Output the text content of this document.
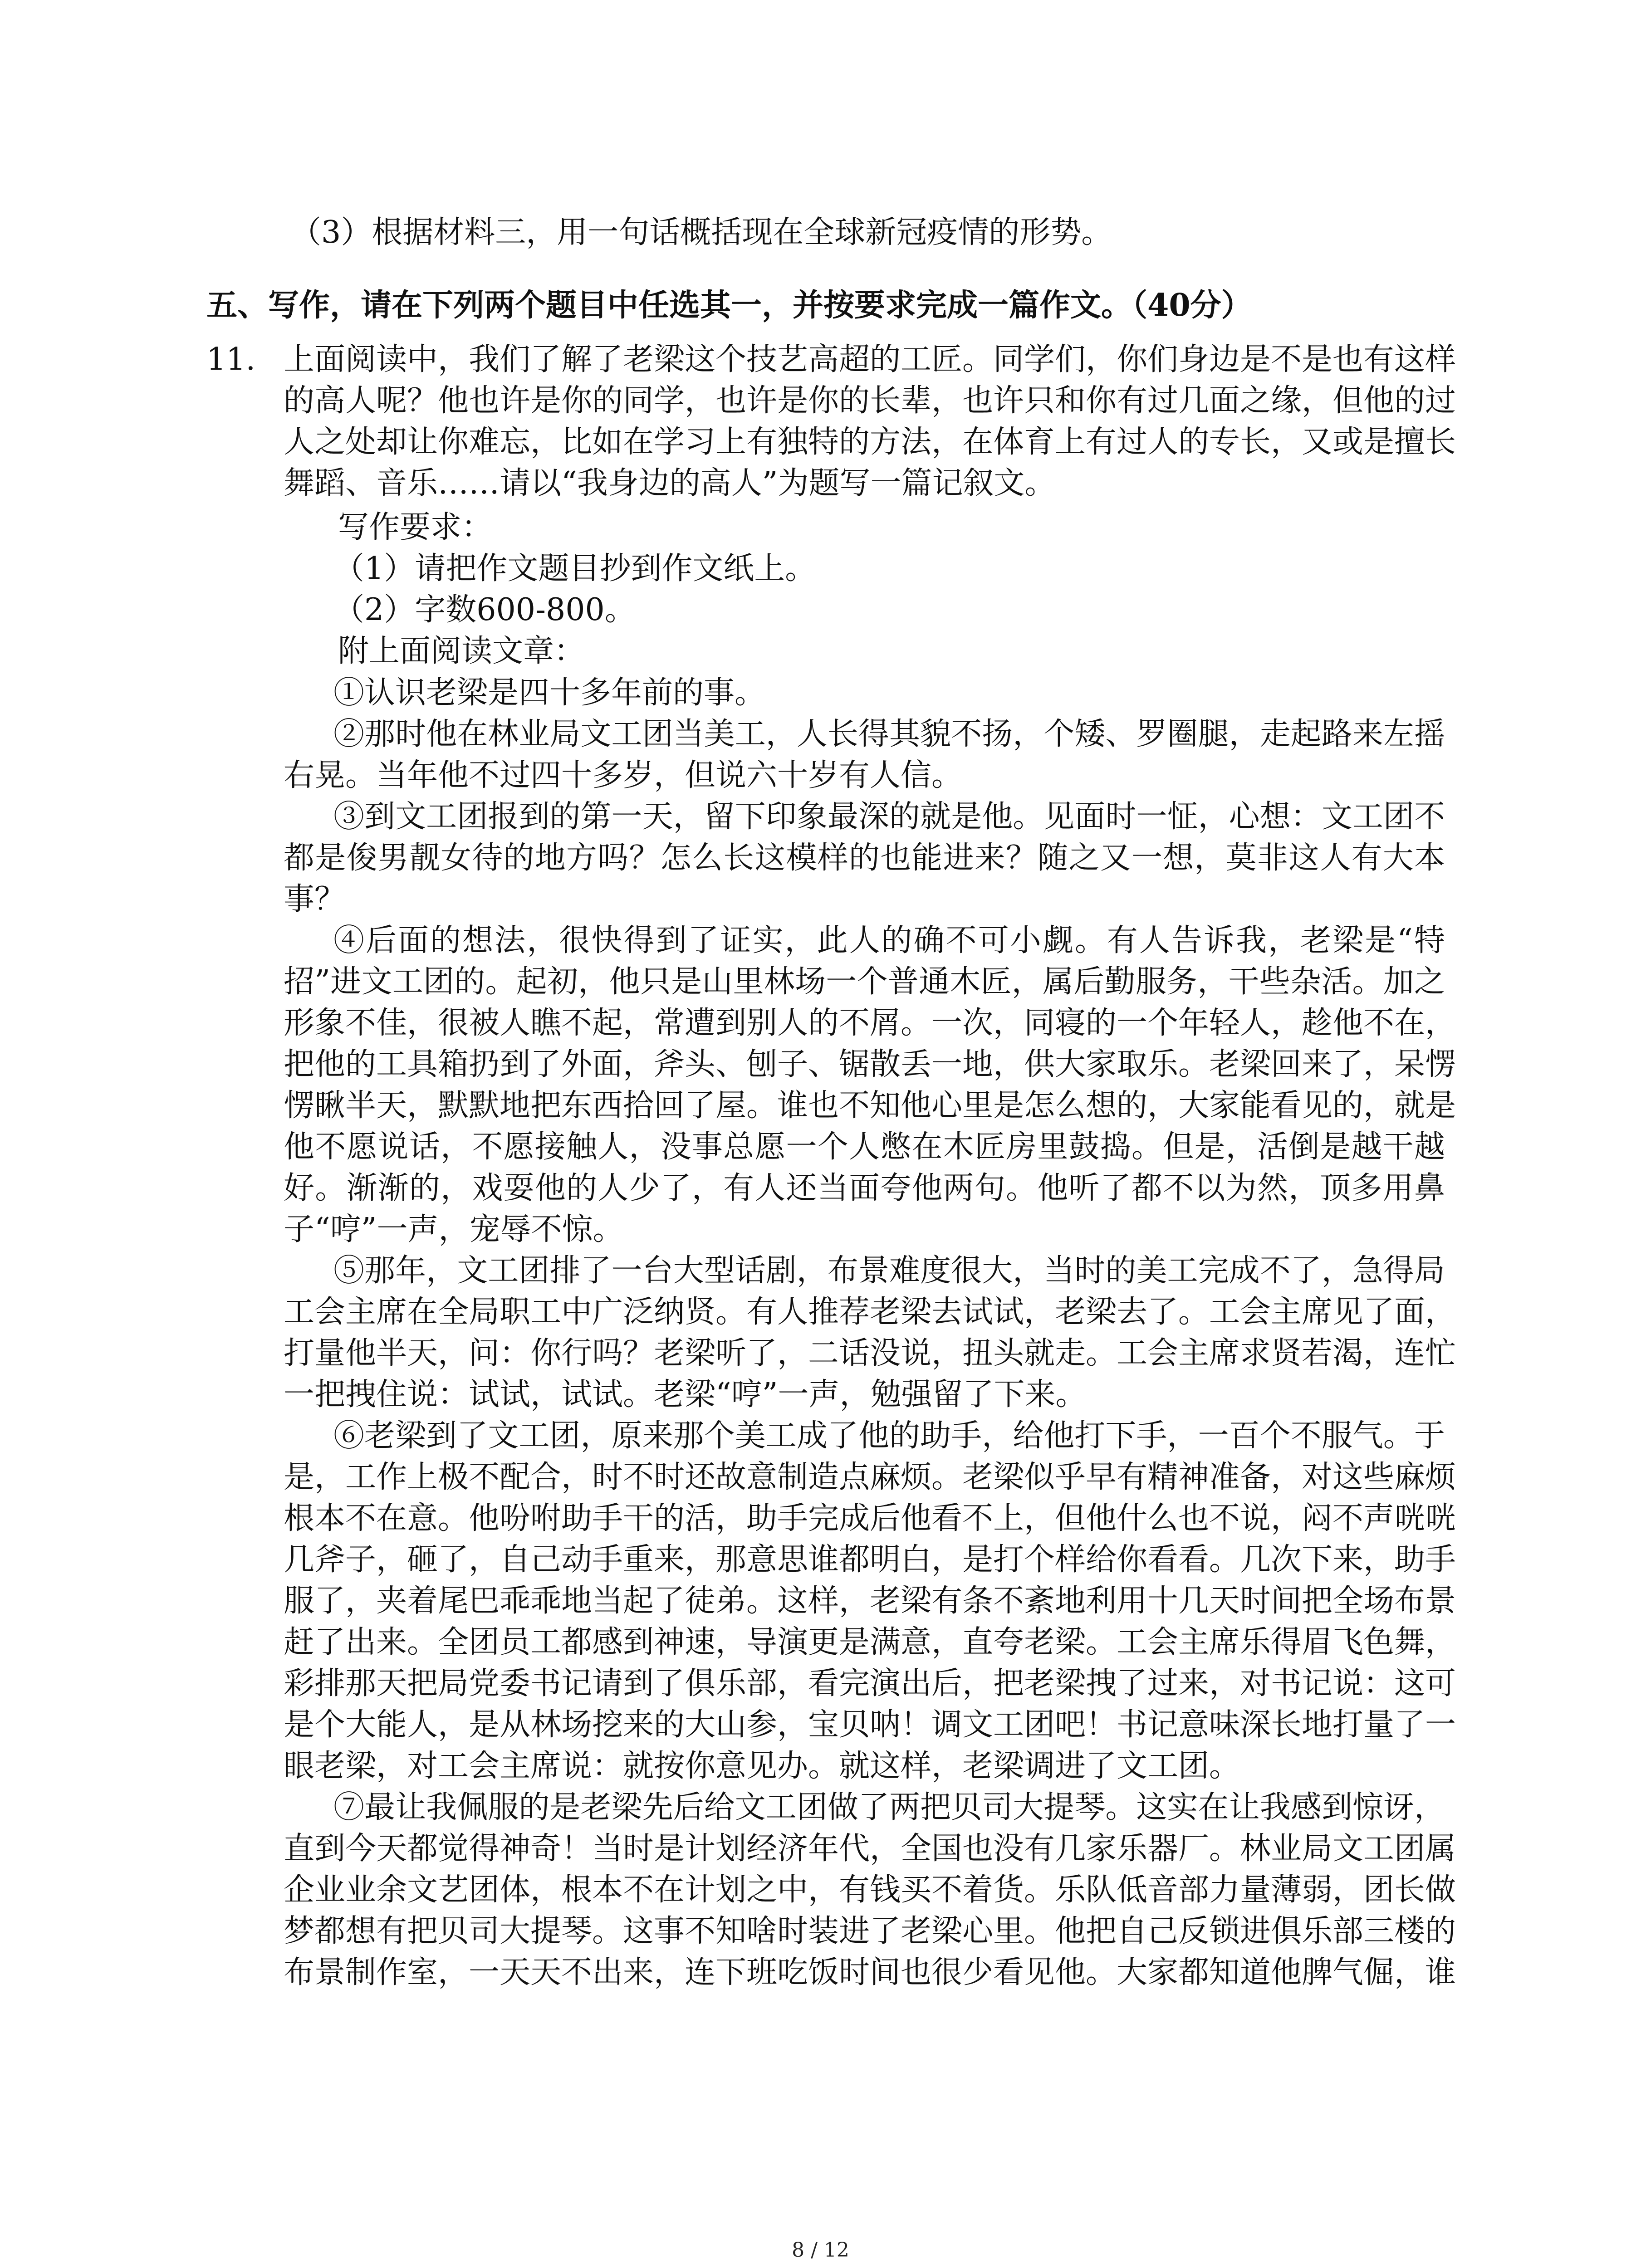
（3）根据材料三，用一句话概括现在全球新冠疫情的形势。
五、写作，请在下列两个题目中任选其一，并按要求完成一篇作文。（40分）
11. 上面阅读中，我们了解了老梁这个技艺高超的工匠。同学们，你们身边是不是也有这样
的高人呢？他也许是你的同学，也许是你的长辈，也许只和你有过几面之缘，但他的过
人之处却让你难忘，比如在学习上有独特的方法，在体育上有过人的专长，又或是擅长
舞蹈、音乐……请以“我身边的高人”为题写一篇记叙文。
写作要求：
（1）请把作文题目抄到作文纸上。
（2）字数600-800。
附上面阅读文章：
①认识老梁是四十多年前的事。
②那时他在林业局文工团当美工，人长得其貌不扬，个矮、罗圈腿，走起路来左摇
右晃。当年他不过四十多岁，但说六十岁有人信。
③到文工团报到的第一天，留下印象最深的就是他。见面时一怔，心想：文工团不
都是俊男靓女待的地方吗？怎么长这模样的也能进来？随之又一想，莫非这人有大本
事？
④后面的想法，很快得到了证实，此人的确不可小觑。有人告诉我，老梁是“特
招”进文工团的。起初，他只是山里林场一个普通木匠，属后勤服务，干些杂活。加之
形象不佳，很被人瞧不起，常遭到别人的不屑。一次，同寝的一个年轻人，趁他不在，
把他的工具箱扔到了外面，斧头、刨子、锯散丢一地，供大家取乐。老梁回来了，呆愣
愣瞅半天，默默地把东西拾回了屋。谁也不知他心里是怎么想的，大家能看见的，就是
他不愿说话，不愿接触人，没事总愿一个人憋在木匠房里鼓捣。但是，活倒是越干越
好。渐渐的，戏耍他的人少了，有人还当面夸他两句。他听了都不以为然，顶多用鼻
子“哼”一声，宠辱不惊。
⑤那年，文工团排了一台大型话剧，布景难度很大，当时的美工完成不了，急得局
工会主席在全局职工中广泛纳贤。有人推荐老梁去试试，老梁去了。工会主席见了面，
打量他半天，问：你行吗？老梁听了，二话没说，扭头就走。工会主席求贤若渴，连忙
一把拽住说：试试，试试。老梁“哼”一声，勉强留了下来。
⑥老梁到了文工团，原来那个美工成了他的助手，给他打下手，一百个不服气。于
是，工作上极不配合，时不时还故意制造点麻烦。老梁似乎早有精神准备，对这些麻烦
根本不在意。他吩咐助手干的活，助手完成后他看不上，但他什么也不说，闷不声咣咣
几斧子，砸了，自己动手重来，那意思谁都明白，是打个样给你看看。几次下来，助手
服了，夹着尾巴乖乖地当起了徒弟。这样，老梁有条不紊地利用十几天时间把全场布景
赶了出来。全团员工都感到神速，导演更是满意，直夸老梁。工会主席乐得眉飞色舞，
彩排那天把局党委书记请到了俱乐部，看完演出后，把老梁拽了过来，对书记说：这可
是个大能人，是从林场挖来的大山参，宝贝呐！调文工团吧！书记意味深长地打量了一
眼老梁，对工会主席说：就按你意见办。就这样，老梁调进了文工团。
⑦最让我佩服的是老梁先后给文工团做了两把贝司大提琴。这实在让我感到惊讶，
直到今天都觉得神奇！当时是计划经济年代，全国也没有几家乐器厂。林业局文工团属
企业业余文艺团体，根本不在计划之中，有钱买不着货。乐队低音部力量薄弱，团长做
梦都想有把贝司大提琴。这事不知啥时装进了老梁心里。他把自己反锁进俱乐部三楼的
布景制作室，一天天不出来，连下班吃饭时间也很少看见他。大家都知道他脾气倔，谁
8 / 12
